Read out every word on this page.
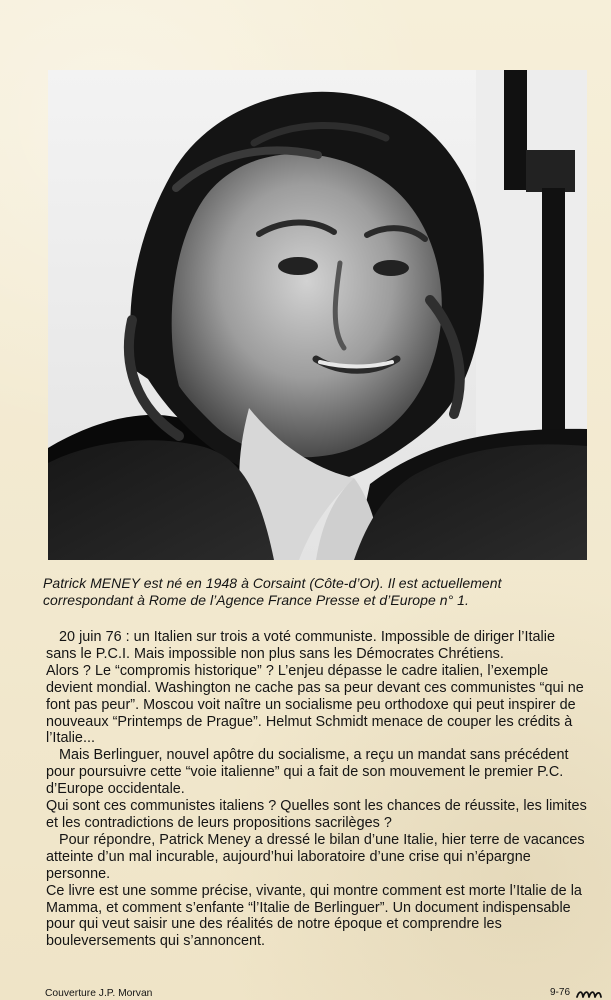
Patrick MENEY est né en 1948 à Corsaint (Côte-d’Or). Il est actuellement

correspondant à Rome de l’Agence France Presse et d’Europe n° 1.

20 juin 76 : un Italien sur trois a voté communiste. Impossible de diriger l’Italie sans le P.C.I. Mais impossible non plus sans les Démocrates Chrétiens.

Alors ? Le “compromis historique” ? L’enjeu dépasse le cadre italien, l’exemple devient mondial. Washington ne cache pas sa peur devant ces communistes “qui ne font pas peur”. Moscou voit naître un socialisme peu orthodoxe qui peut inspirer de nouveaux “Printemps de Prague”. Helmut Schmidt menace de couper les crédits à l’Italie...

Mais Berlinguer, nouvel apôtre du socialisme, a reçu un mandat sans précédent pour poursuivre cette “voie italienne” qui a fait de son mouvement le premier P.C. d’Europe occidentale.

Qui sont ces communistes italiens ? Quelles sont les chances de réussite, les limites et les contradictions de leurs propositions sacrilèges ?

Pour répondre, Patrick Meney a dressé le bilan d’une Italie, hier terre de vacances atteinte d’un mal incurable, aujourd’hui laboratoire d’une crise qui n’épargne personne.

Ce livre est une somme précise, vivante, qui montre comment est morte l’Italie de la Mamma, et comment s’enfante “l’Italie de Berlinguer”. Un document indispensable pour qui veut saisir une des réalités de notre époque et comprendre les bouleversements qui s’annoncent.

Couverture J.P. Morvan	9-76
